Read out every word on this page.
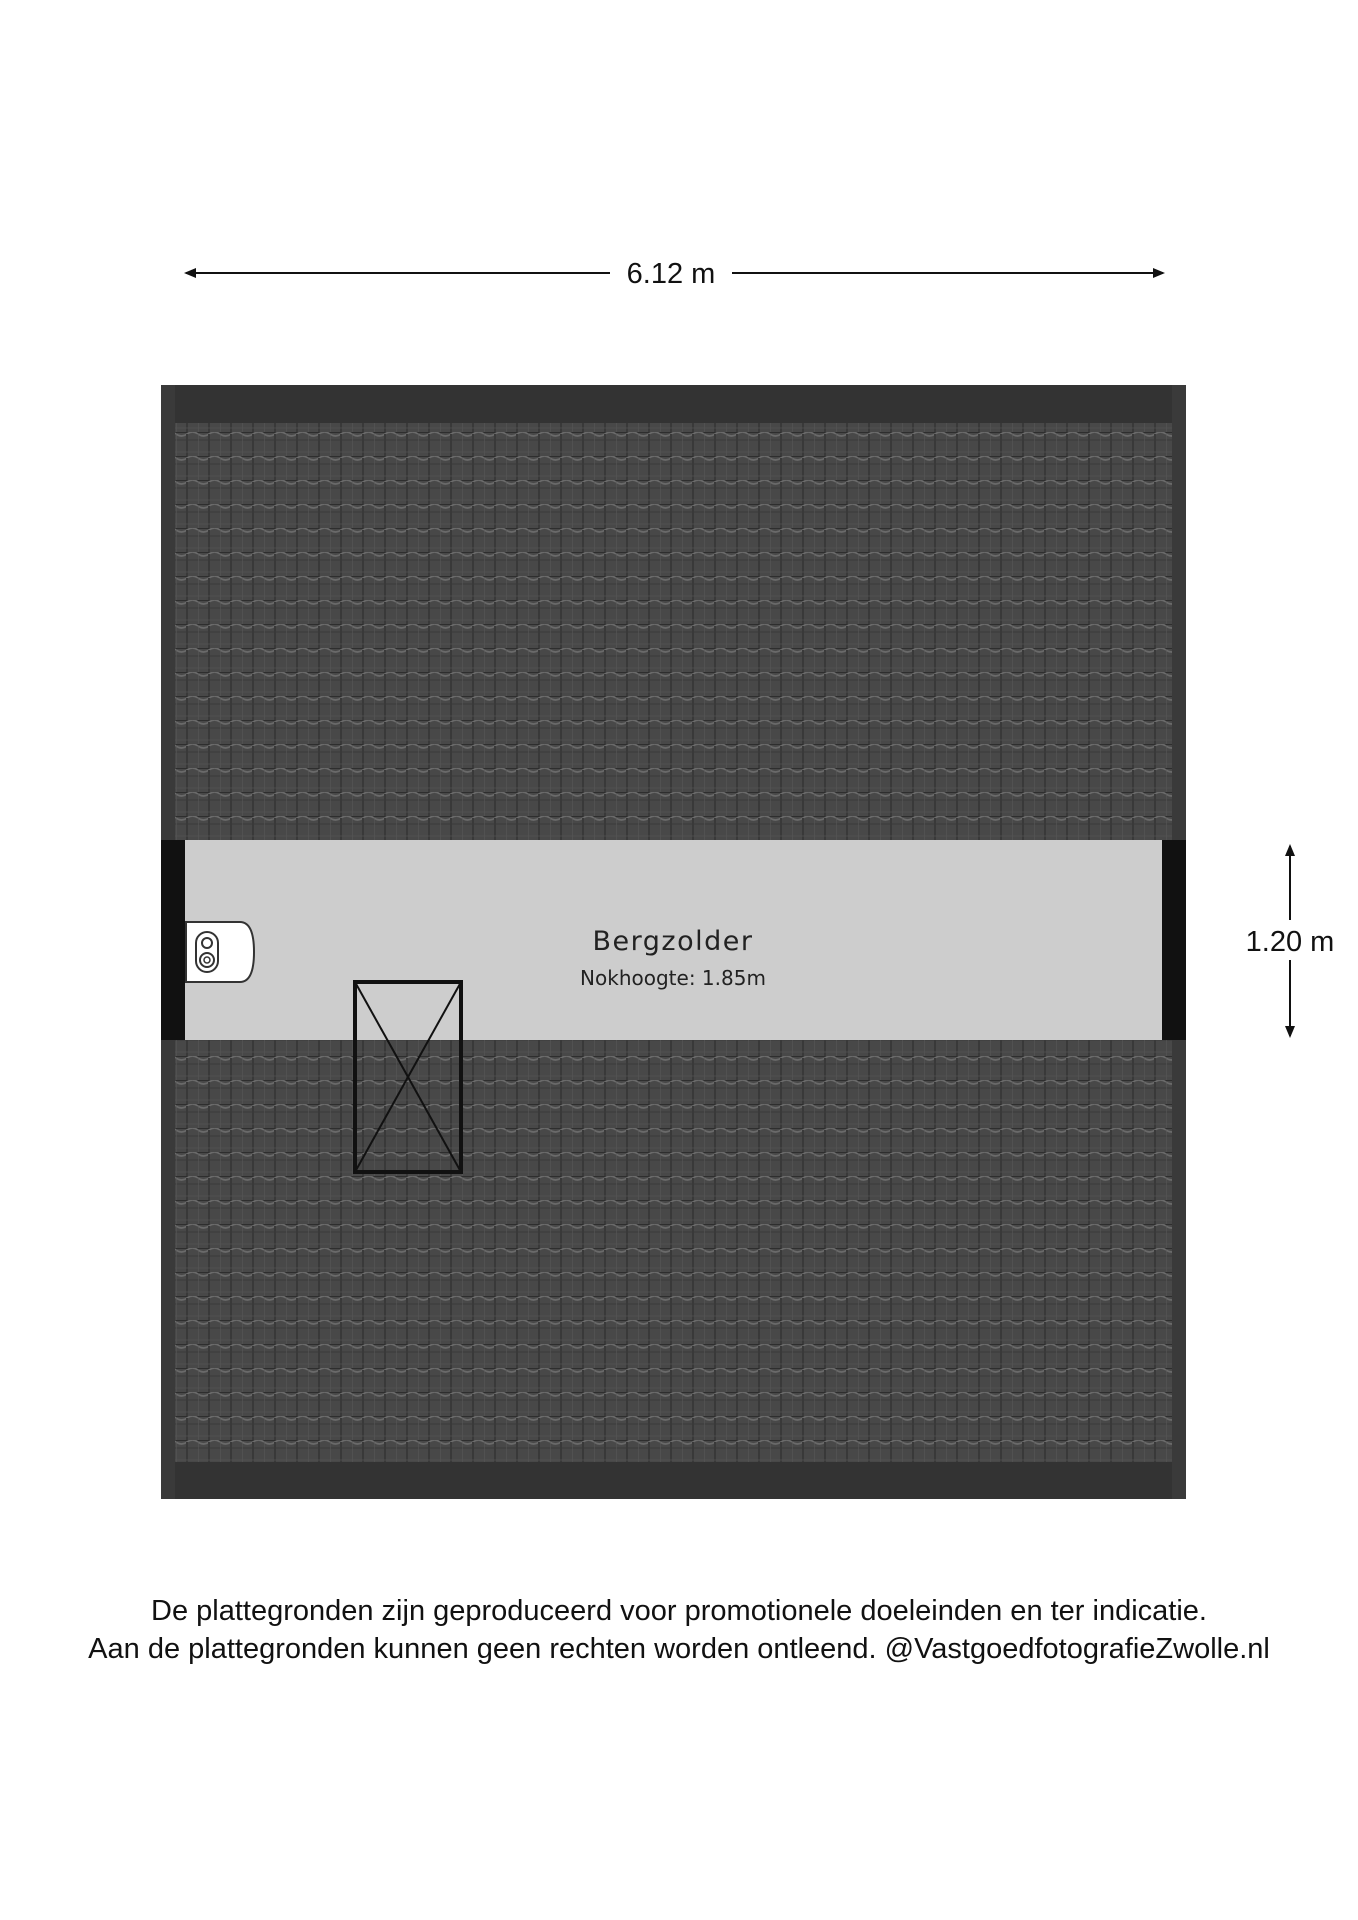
6.12 m
1.20 m
Bergzolder
Nokhoogte: 1.85m
De plattegronden zijn geproduceerd voor promotionele doeleinden en ter indicatie.
Aan de plattegronden kunnen geen rechten worden ontleend. @VastgoedfotografieZwolle.nl
